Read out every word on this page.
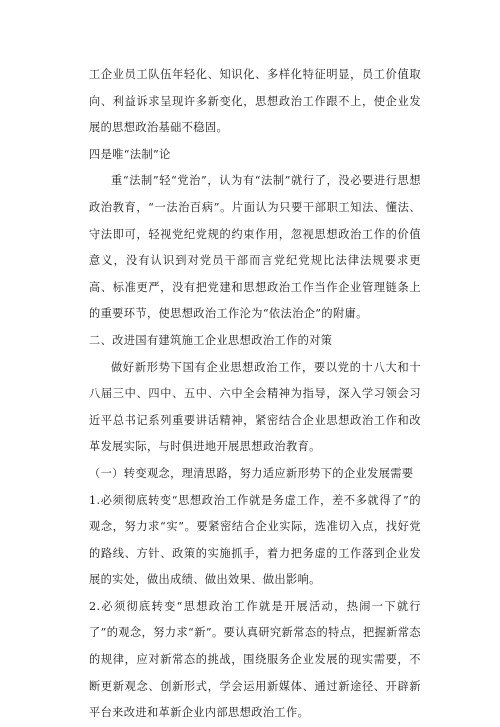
工企业员工队伍年轻化、知识化、多样化特征明显，员工价值取向、利益诉求呈现许多新变化，思想政治工作跟不上，使企业发展的思想政治基础不稳固。

四是唯“法制”论

重“法制”轻“党治”，认为有“法制”就行了，没必要进行思想政治教育，“一法治百病”。片面认为只要干部职工知法、懂法、守法即可，轻视党纪党规的约束作用，忽视思想政治工作的价值意义，没有认识到对党员干部而言党纪党规比法律法规要求更高、标准更严，没有把党建和思想政治工作当作企业管理链条上的重要环节，使思想政治工作沦为“依法治企”的附庸。

二、改进国有建筑施工企业思想政治工作的对策

做好新形势下国有企业思想政治工作，要以党的十八大和十八届三中、四中、五中、六中全会精神为指导，深入学习领会习近平总书记系列重要讲话精神，紧密结合企业思想政治工作和改革发展实际，与时俱进地开展思想政治教育。

（一）转变观念，理清思路，努力适应新形势下的企业发展需要

1.必须彻底转变“思想政治工作就是务虚工作，差不多就得了”的观念，努力求“实”。要紧密结合企业实际，选准切入点，找好党的路线、方针、政策的实施抓手，着力把务虚的工作落到企业发展的实处，做出成绩、做出效果、做出影响。

2.必须彻底转变“思想政治工作就是开展活动，热闹一下就行了”的观念，努力求“新”。要认真研究新常态的特点，把握新常态的规律，应对新常态的挑战，围绕服务企业发展的现实需要，不断更新观念、创新形式，学会运用新媒体、通过新途径、开辟新平台来改进和革新企业内部思想政治工作。
